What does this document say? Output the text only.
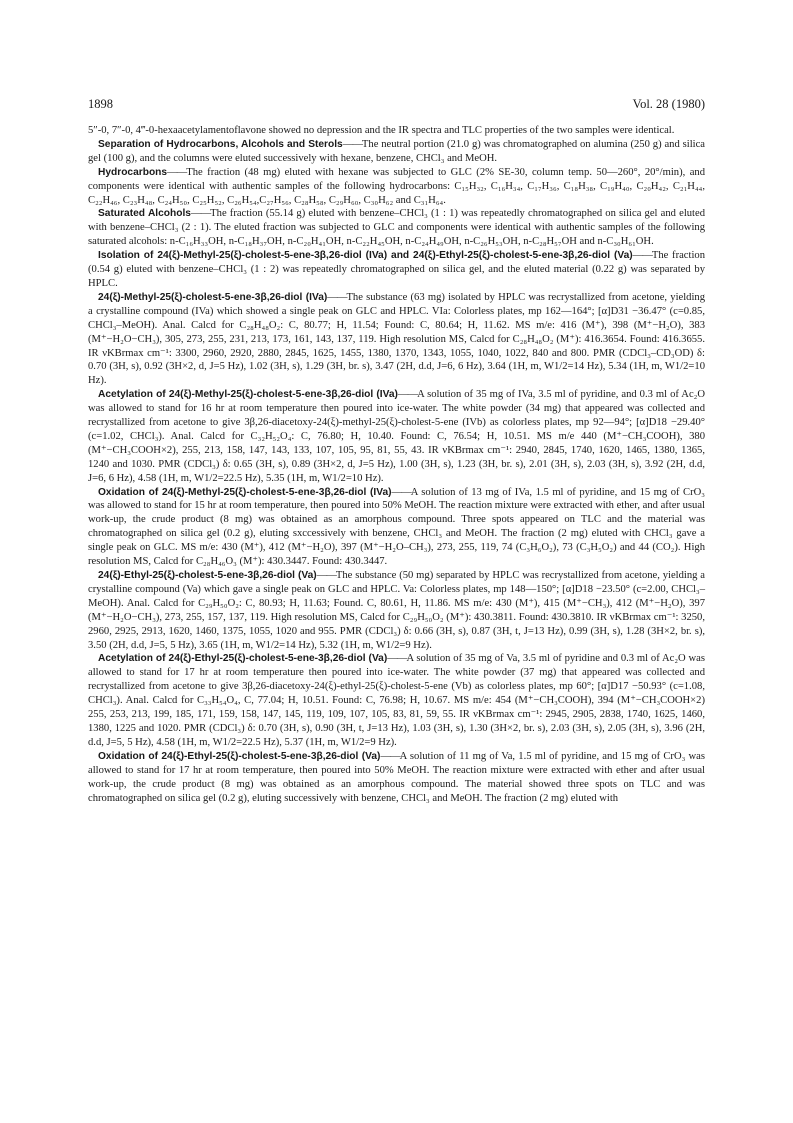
1898	Vol. 28 (1980)

5″-0, 7″-0, 4‴-0-hexaacetylamentoflavone showed no depression and the IR spectra and TLC properties of the two samples were identical.

Separation of Hydrocarbons, Alcohols and Sterols——The neutral portion (21.0 g) was chromatographed on alumina (250 g) and silica gel (100 g), and the columns were eluted successively with hexane, benzene, CHCl₃ and MeOH.

Hydrocarbons——The fraction (48 mg) eluted with hexane was subjected to GLC (2% SE-30, column temp. 50—260°, 20°/min), and components were identical with authentic samples of the following hydrocarbons: C₁₅H₃₂, C₁₆H₃₄, C₁₇H₃₆, C₁₈H₃₈, C₁₉H₄₀, C₂₀H₄₂, C₂₁H₄₄, C₂₂H₄₆, C₂₃H₄₈, C₂₄H₅₀, C₂₅H₅₂, C₂₆H₅₄,C₂₇H₅₆, C₂₈H₅₈, C₂₉H₆₀, C₃₀H₆₂ and C₃₁H₆₄.

Saturated Alcohols——The fraction (55.14 g) eluted with benzene–CHCl₃ (1 : 1) was repeatedly chromatographed on silica gel and eluted with benzene–CHCl₃ (2 : 1). The eluted fraction was subjected to GLC and components were identical with authentic samples of the following saturated alcohols: n-C₁₆H₃₃OH, n-C₁₈H₃₇OH, n-C₂₀H₄₁OH, n-C₂₂H₄₅OH, n-C₂₄H₄₉OH, n-C₂₆H₅₃OH, n-C₂₈H₅₇OH and n-C₃₀H₆₁OH.

Isolation of 24(ξ)-Methyl-25(ξ)-cholest-5-ene-3β,26-diol (IVa) and 24(ξ)-Ethyl-25(ξ)-cholest-5-ene-3β,26-diol (Va)——The fraction (0.54 g) eluted with benzene–CHCl₃ (1 : 2) was repeatedly chromatographed on silica gel, and the eluted material (0.22 g) was separated by HPLC.

24(ξ)-Methyl-25(ξ)-cholest-5-ene-3β,26-diol (IVa)——The substance (63 mg) isolated by HPLC was recrystallized from acetone, yielding a crystalline compound (IVa) which showed a single peak on GLC and HPLC. VIa: Colorless plates, mp 162—164°; [α]D31 −36.47° (c=0.85, CHCl₃–MeOH). Anal. Calcd for C₂₈H₄₈O₂: C, 80.77; H, 11.54; Found: C, 80.64; H, 11.62. MS m/e: 416 (M⁺), 398 (M⁺−H₂O), 383 (M⁺−H₂O−CH₃), 305, 273, 255, 231, 213, 173, 161, 143, 137, 119. High resolution MS, Calcd for C₂₈H₄₈O₂ (M⁺): 416.3654. Found: 416.3655. IR νKBrmax cm⁻¹: 3300, 2960, 2920, 2880, 2845, 1625, 1455, 1380, 1370, 1343, 1055, 1040, 1022, 840 and 800. PMR (CDCl₃–CD₃OD) δ: 0.70 (3H, s), 0.92 (3H×2, d, J=5 Hz), 1.02 (3H, s), 1.29 (3H, br. s), 3.47 (2H, d.d, J=6, 6 Hz), 3.64 (1H, m, W1/2=14 Hz), 5.34 (1H, m, W1/2=10 Hz).

Acetylation of 24(ξ)-Methyl-25(ξ)-cholest-5-ene-3β,26-diol (IVa)——A solution of 35 mg of IVa, 3.5 ml of pyridine, and 0.3 ml of Ac₂O was allowed to stand for 16 hr at room temperature then poured into ice-water. The white powder (34 mg) that appeared was collected and recrystallized from acetone to give 3β,26-diacetoxy-24(ξ)-methyl-25(ξ)-cholest-5-ene (IVb) as colorless plates, mp 92—94°; [α]D18 −29.40° (c=1.02, CHCl₃). Anal. Calcd for C₃₂H₅₂O₄: C, 76.80; H, 10.40. Found: C, 76.54; H, 10.51. MS m/e 440 (M⁺−CH₃COOH), 380 (M⁺−CH₃COOH×2), 255, 213, 158, 147, 143, 133, 107, 105, 95, 81, 55, 43. IR νKBrmax cm⁻¹: 2940, 2845, 1740, 1620, 1465, 1380, 1365, 1240 and 1030. PMR (CDCl₃) δ: 0.65 (3H, s), 0.89 (3H×2, d, J=5 Hz), 1.00 (3H, s), 1.23 (3H, br. s), 2.01 (3H, s), 2.03 (3H, s), 3.92 (2H, d.d, J=6, 6 Hz), 4.58 (1H, m, W1/2=22.5 Hz), 5.35 (1H, m, W1/2=10 Hz).

Oxidation of 24(ξ)-Methyl-25(ξ)-cholest-5-ene-3β,26-diol (IVa)——A solution of 13 mg of IVa, 1.5 ml of pyridine, and 15 mg of CrO₃ was allowed to stand for 15 hr at room temperature, then poured into 50% MeOH. The reaction mixture were extracted with ether, and after usual work-up, the crude product (8 mg) was obtained as an amorphous compound. Three spots appeared on TLC and the material was chromatographed on silica gel (0.2 g), eluting sxccessively with benzene, CHCl₃ and MeOH. The fraction (2 mg) eluted with CHCl₃ gave a single peak on GLC. MS m/e: 430 (M⁺), 412 (M⁺−H₂O), 397 (M⁺−H₂O–CH₃), 273, 255, 119, 74 (C₃H₆O₂), 73 (C₃H₅O₂) and 44 (CO₂). High resolution MS, Calcd for C₂₈H₄₆O₃ (M⁺): 430.3447. Found: 430.3447.

24(ξ)-Ethyl-25(ξ)-cholest-5-ene-3β,26-diol (Va)——The substance (50 mg) separated by HPLC was recrystallized from acetone, yielding a crystalline compound (Va) which gave a single peak on GLC and HPLC. Va: Colorless plates, mp 148—150°; [α]D18 −23.50° (c=2.00, CHCl₃–MeOH). Anal. Calcd for C₂₉H₅₀O₂: C, 80.93; H, 11.63; Found. C, 80.61, H, 11.86. MS m/e: 430 (M⁺), 415 (M⁺−CH₃), 412 (M⁺−H₂O), 397 (M⁺−H₂O−CH₃), 273, 255, 157, 137, 119. High resolution MS, Calcd for C₂₉H₅₀O₂ (M⁺): 430.3811. Found: 430.3810. IR νKBrmax cm⁻¹: 3250, 2960, 2925, 2913, 1620, 1460, 1375, 1055, 1020 and 955. PMR (CDCl₃) δ: 0.66 (3H, s), 0.87 (3H, t, J=13 Hz), 0.99 (3H, s), 1.28 (3H×2, br. s), 3.50 (2H, d.d, J=5, 5 Hz), 3.65 (1H, m, W1/2=14 Hz), 5.32 (1H, m, W1/2=9 Hz).

Acetylation of 24(ξ)-Ethyl-25(ξ)-cholest-5-ene-3β,26-diol (Va)——A solution of 35 mg of Va, 3.5 ml of pyridine and 0.3 ml of Ac₂O was allowed to stand for 17 hr at room temperature then poured into ice-water. The white powder (37 mg) that appeared was collected and recrystallized from acetone to give 3β,26-diacetoxy-24(ξ)-ethyl-25(ξ)-cholest-5-ene (Vb) as colorless plates, mp 60°; [α]D17 −50.93° (c=1.08, CHCl₃). Anal. Calcd for C₃₃H₅₄O₄, C, 77.04; H, 10.51. Found: C, 76.98; H, 10.67. MS m/e: 454 (M⁺−CH₃COOH), 394 (M⁺−CH₃COOH×2) 255, 253, 213, 199, 185, 171, 159, 158, 147, 145, 119, 109, 107, 105, 83, 81, 59, 55. IR νKBrmax cm⁻¹: 2945, 2905, 2838, 1740, 1625, 1460, 1380, 1225 and 1020. PMR (CDCl₃) δ: 0.70 (3H, s), 0.90 (3H, t, J=13 Hz), 1.03 (3H, s), 1.30 (3H×2, br. s), 2.03 (3H, s), 2.05 (3H, s), 3.96 (2H, d.d, J=5, 5 Hz), 4.58 (1H, m, W1/2=22.5 Hz), 5.37 (1H, m, W1/2=9 Hz).

Oxidation of 24(ξ)-Ethyl-25(ξ)-cholest-5-ene-3β,26-diol (Va)——A solution of 11 mg of Va, 1.5 ml of pyridine, and 15 mg of CrO₃ was allowed to stand for 17 hr at room temperature, then poured into 50% MeOH. The reaction mixture were extracted with ether and after usual work-up, the crude product (8 mg) was obtained as an amorphous compound. The material showed three spots on TLC and was chromatographed on silica gel (0.2 g), eluting successively with benzene, CHCl₃ and MeOH. The fraction (2 mg) eluted with
